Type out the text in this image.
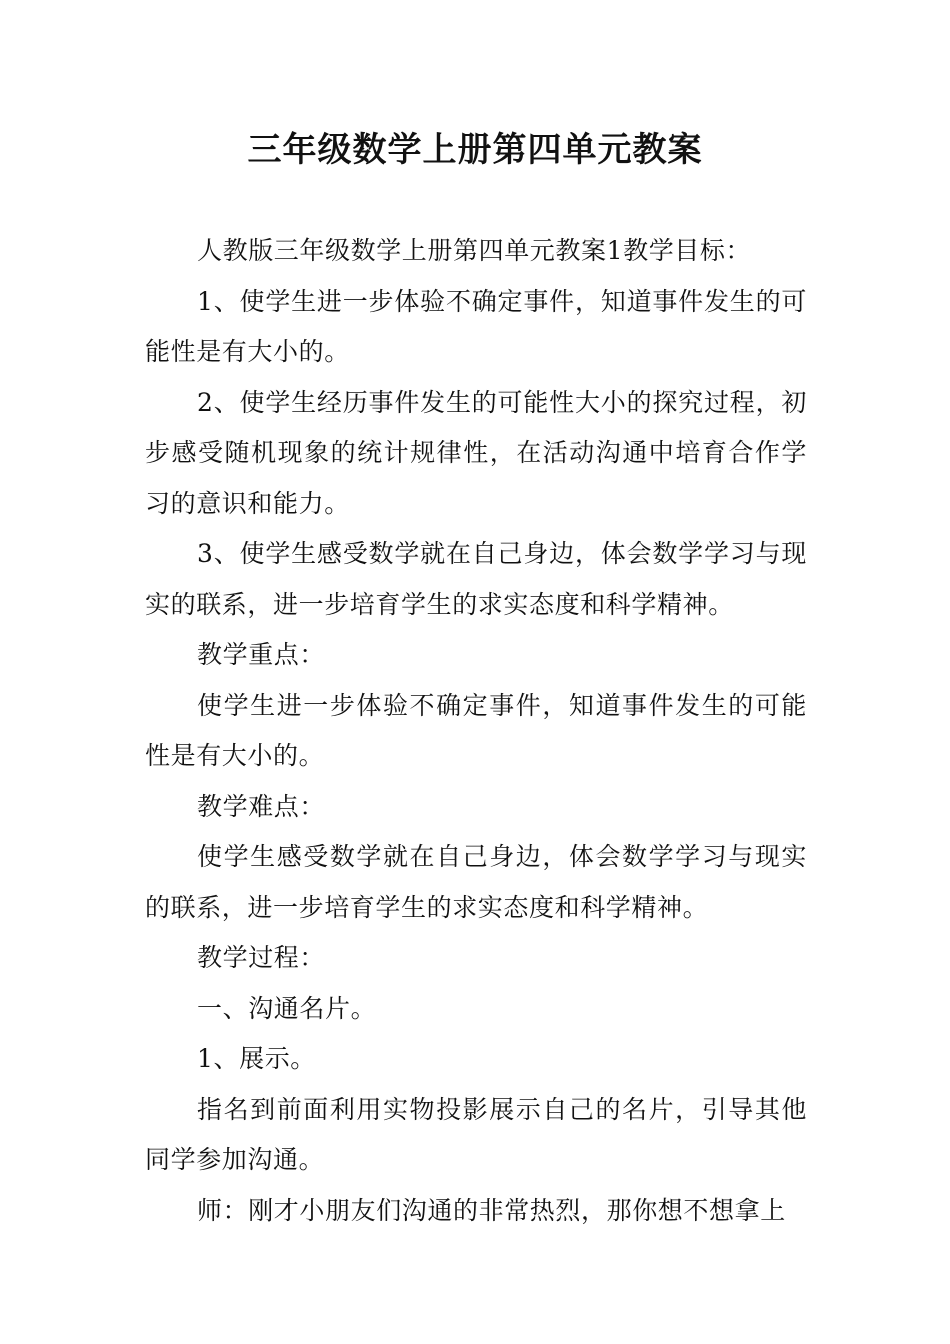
三年级数学上册第四单元教案

人教版三年级数学上册第四单元教案1教学目标：

1、使学生进一步体验不确定事件，知道事件发生的可能性是有大小的。

2、使学生经历事件发生的可能性大小的探究过程，初步感受随机现象的统计规律性，在活动沟通中培育合作学习的意识和能力。

3、使学生感受数学就在自己身边，体会数学学习与现实的联系，进一步培育学生的求实态度和科学精神。

教学重点：

使学生进一步体验不确定事件，知道事件发生的可能性是有大小的。

教学难点：

使学生感受数学就在自己身边，体会数学学习与现实的联系，进一步培育学生的求实态度和科学精神。

教学过程：

一、沟通名片。

1、展示。

指名到前面利用实物投影展示自己的名片，引导其他同学参加沟通。

师：刚才小朋友们沟通的非常热烈，那你想不想拿上
